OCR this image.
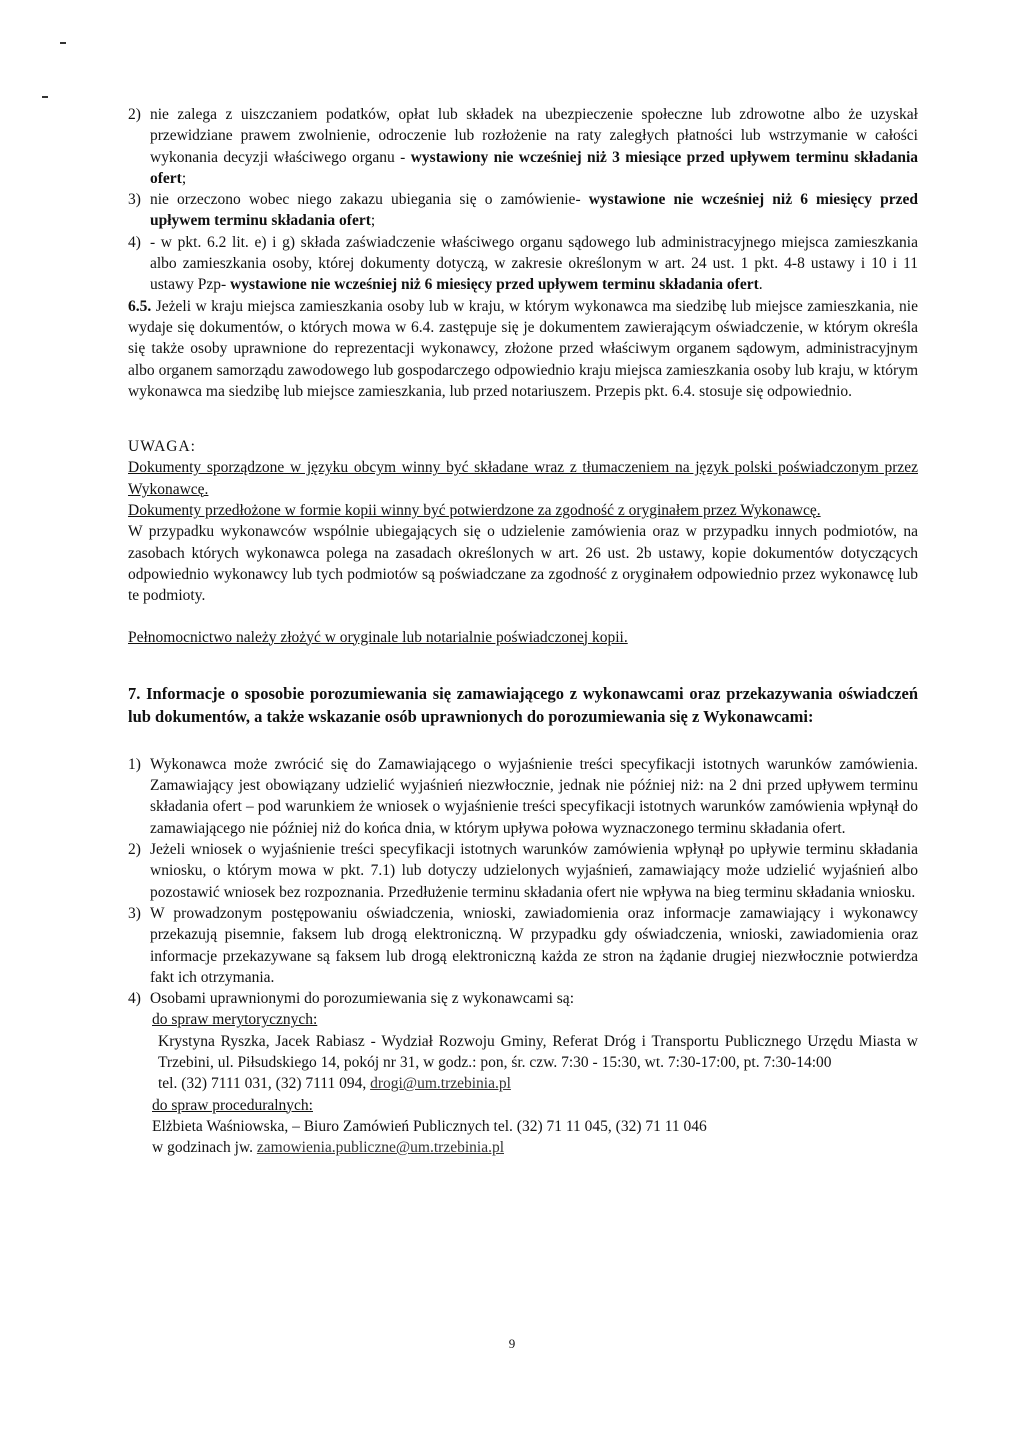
2) nie zalega z uiszczaniem podatków, opłat lub składek na ubezpieczenie społeczne lub zdrowotne albo że uzyskał przewidziane prawem zwolnienie, odroczenie lub rozłożenie na raty zaległych płatności lub wstrzymanie w całości wykonania decyzji właściwego organu - wystawiony nie wcześniej niż 3 miesiące przed upływem terminu składania ofert;
3) nie orzeczono wobec niego zakazu ubiegania się o zamówienie- wystawione nie wcześniej niż 6 miesięcy przed upływem terminu składania ofert;
4) - w pkt. 6.2 lit. e) i g) składa zaświadczenie właściwego organu sądowego lub administracyjnego miejsca zamieszkania albo zamieszkania osoby, której dokumenty dotyczą, w zakresie określonym w art. 24 ust. 1 pkt. 4-8 ustawy i 10 i 11 ustawy Pzp- wystawione nie wcześniej niż 6 miesięcy przed upływem terminu składania ofert.

6.5. Jeżeli w kraju miejsca zamieszkania osoby lub w kraju, w którym wykonawca ma siedzibę lub miejsce zamieszkania, nie wydaje się dokumentów, o których mowa w 6.4. zastępuje się je dokumentem zawierającym oświadczenie, w którym określa się także osoby uprawnione do reprezentacji wykonawcy, złożone przed właściwym organem sądowym, administracyjnym albo organem samorządu zawodowego lub gospodarczego odpowiednio kraju miejsca zamieszkania osoby lub kraju, w którym wykonawca ma siedzibę lub miejsce zamieszkania, lub przed notariuszem. Przepis pkt. 6.4. stosuje się odpowiednio.

UWAGA:

Dokumenty sporządzone w języku obcym winny być składane wraz z tłumaczeniem na język polski poświadczonym przez Wykonawcę.

Dokumenty przedłożone w formie kopii winny być potwierdzone za zgodność z oryginałem przez Wykonawcę.

W przypadku wykonawców wspólnie ubiegających się o udzielenie zamówienia oraz w przypadku innych podmiotów, na zasobach których wykonawca polega na zasadach określonych w art. 26 ust. 2b ustawy, kopie dokumentów dotyczących odpowiednio wykonawcy lub tych podmiotów są poświadczane za zgodność z oryginałem odpowiednio przez wykonawcę lub te podmioty.

Pełnomocnictwo należy złożyć w oryginale lub notarialnie poświadczonej kopii.

7. Informacje o sposobie porozumiewania się zamawiającego z wykonawcami oraz przekazywania oświadczeń lub dokumentów, a także wskazanie osób uprawnionych do porozumiewania się z Wykonawcami:

1) Wykonawca może zwrócić się do Zamawiającego o wyjaśnienie treści specyfikacji istotnych warunków zamówienia. Zamawiający jest obowiązany udzielić wyjaśnień niezwłocznie, jednak nie później niż: na 2 dni przed upływem terminu składania ofert – pod warunkiem że wniosek o wyjaśnienie treści specyfikacji istotnych warunków zamówienia wpłynął do zamawiającego nie później niż do końca dnia, w którym upływa połowa wyznaczonego terminu składania ofert.
2) Jeżeli wniosek o wyjaśnienie treści specyfikacji istotnych warunków zamówienia wpłynął po upływie terminu składania wniosku, o którym mowa w pkt. 7.1) lub dotyczy udzielonych wyjaśnień, zamawiający może udzielić wyjaśnień albo pozostawić wniosek bez rozpoznania. Przedłużenie terminu składania ofert nie wpływa na bieg terminu składania wniosku.
3) W prowadzonym postępowaniu oświadczenia, wnioski, zawiadomienia oraz informacje zamawiający i wykonawcy przekazują pisemnie, faksem lub drogą elektroniczną. W przypadku gdy oświadczenia, wnioski, zawiadomienia oraz informacje przekazywane są faksem lub drogą elektroniczną każda ze stron na żądanie drugiej niezwłocznie potwierdza fakt ich otrzymania.
4) Osobami uprawnionymi do porozumiewania się z wykonawcami są:

do spraw merytorycznych:

Krystyna Ryszka, Jacek Rabiasz - Wydział Rozwoju Gminy, Referat Dróg i Transportu Publicznego Urzędu Miasta w Trzebini, ul. Piłsudskiego 14, pokój nr 31, w godz.: pon, śr. czw. 7:30 - 15:30, wt. 7:30-17:00, pt. 7:30-14:00

tel. (32) 7111 031, (32) 7111 094, drogi@um.trzebinia.pl

do spraw proceduralnych:

Elżbieta Waśniowska, – Biuro Zamówień Publicznych tel. (32) 71 11 045, (32) 71 11 046

w godzinach jw. zamowienia.publiczne@um.trzebinia.pl

9
